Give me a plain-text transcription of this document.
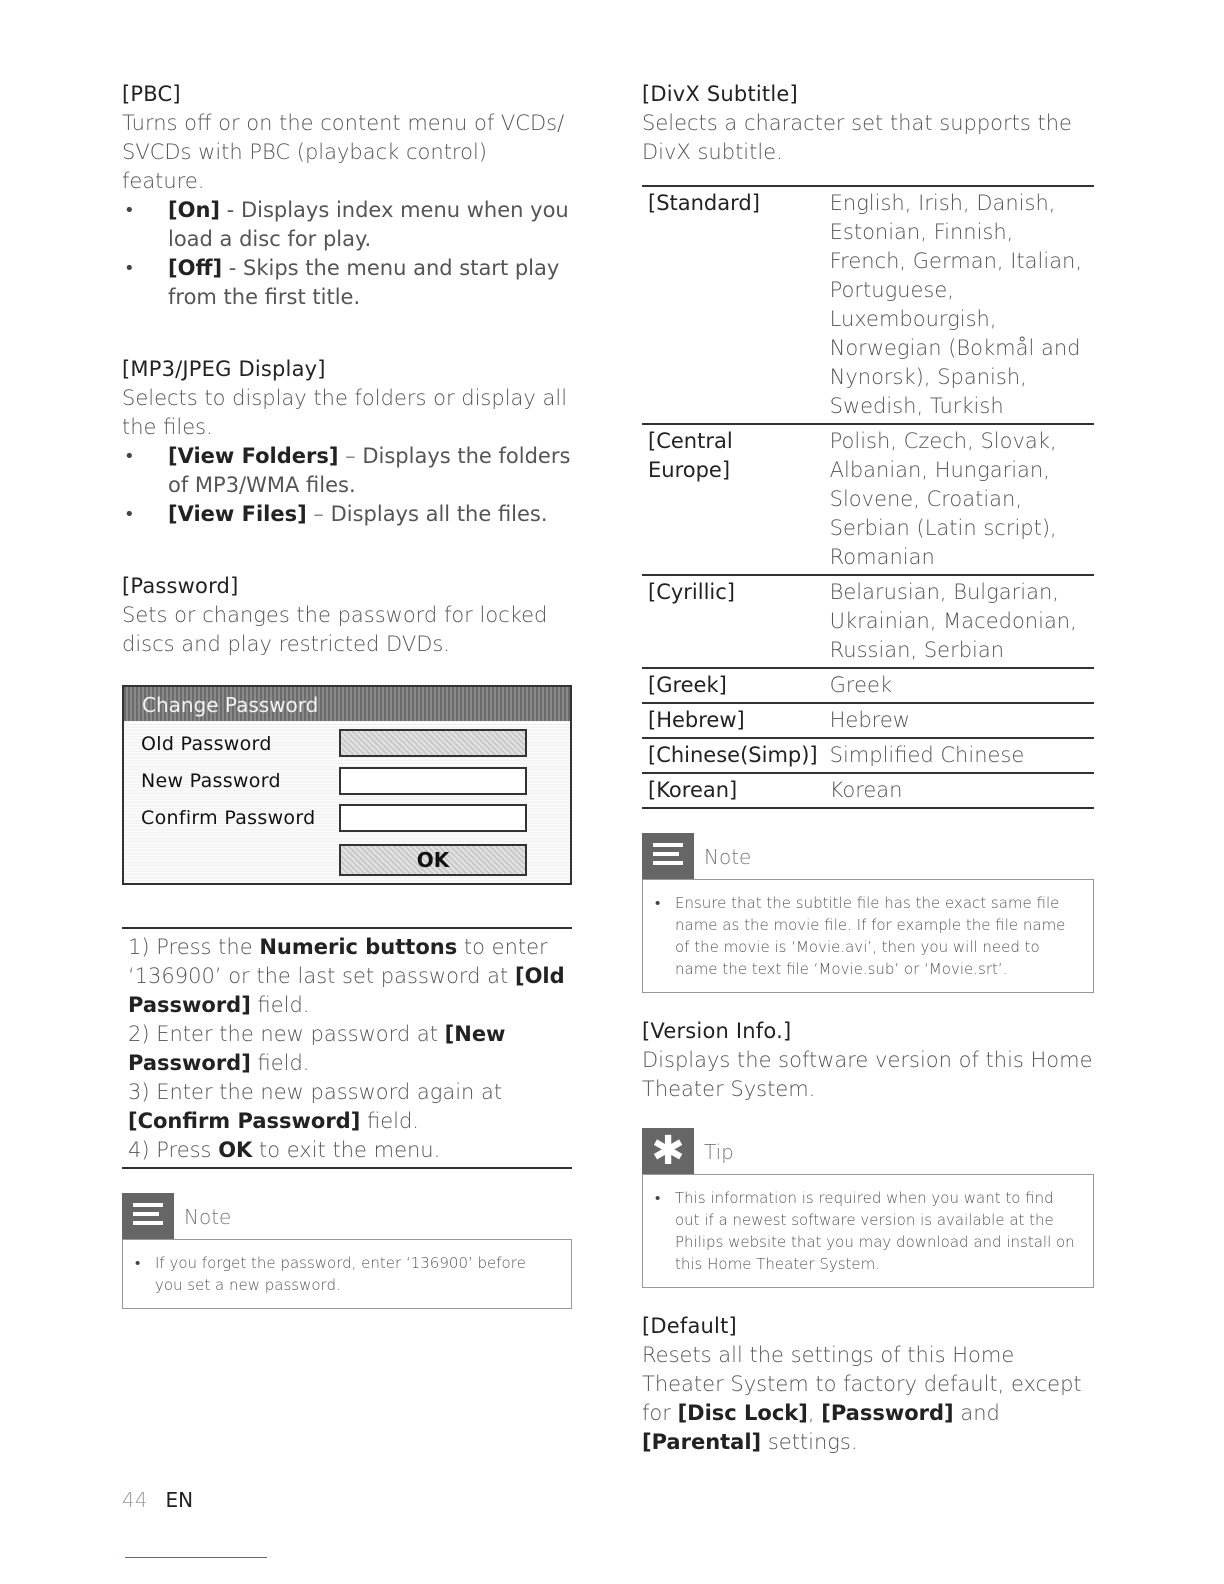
[PBC]

Turns off or on the content menu of VCDs/ SVCDs with PBC (playback control) feature.

• [On] - Displays index menu when you load a disc for play.
• [Off] - Skips the menu and start play from the first title.

[MP3/JPEG Display]

Selects to display the folders or display all the files.

• [View Folders] – Displays the folders of MP3/WMA files.
• [View Files] – Displays all the files.

[Password]

Sets or changes the password for locked discs and play restricted DVDs.

Change Password
Old Password
New Password
Confirm Password
OK

1) Press the Numeric buttons to enter ‘136900’ or the last set password at [Old Password] field.

2) Enter the new password at [New Password] field.

3) Enter the new password again at [Confirm Password] field.

4) Press OK to exit the menu.

Note
• If you forget the password, enter ‘136900’ before you set a new password.

[DivX Subtitle]

Selects a character set that supports the DivX subtitle.

[Standard]	English, Irish, Danish, Estonian, Finnish, French, German, Italian, Portuguese, Luxembourgish, Norwegian (Bokmål and Nynorsk), Spanish, Swedish, Turkish
[Central Europe]	Polish, Czech, Slovak, Albanian, Hungarian, Slovene, Croatian, Serbian (Latin script), Romanian
[Cyrillic]	Belarusian, Bulgarian, Ukrainian, Macedonian, Russian, Serbian
[Greek]	Greek
[Hebrew]	Hebrew
[Chinese(Simp)]	Simplified Chinese
[Korean]	Korean
Note
• Ensure that the subtitle file has the exact same file name as the movie file. If for example the file name of the movie is ‘Movie.avi’, then you will need to name the text file ‘Movie.sub’ or ‘Movie.srt’.

[Version Info.]

Displays the software version of this Home Theater System.

✱ Tip
• This information is required when you want to find out if a newest software version is available at the Philips website that you may download and install on this Home Theater System.

[Default]

Resets all the settings of this Home Theater System to factory default, except for [Disc Lock], [Password] and [Parental] settings.

44 EN
